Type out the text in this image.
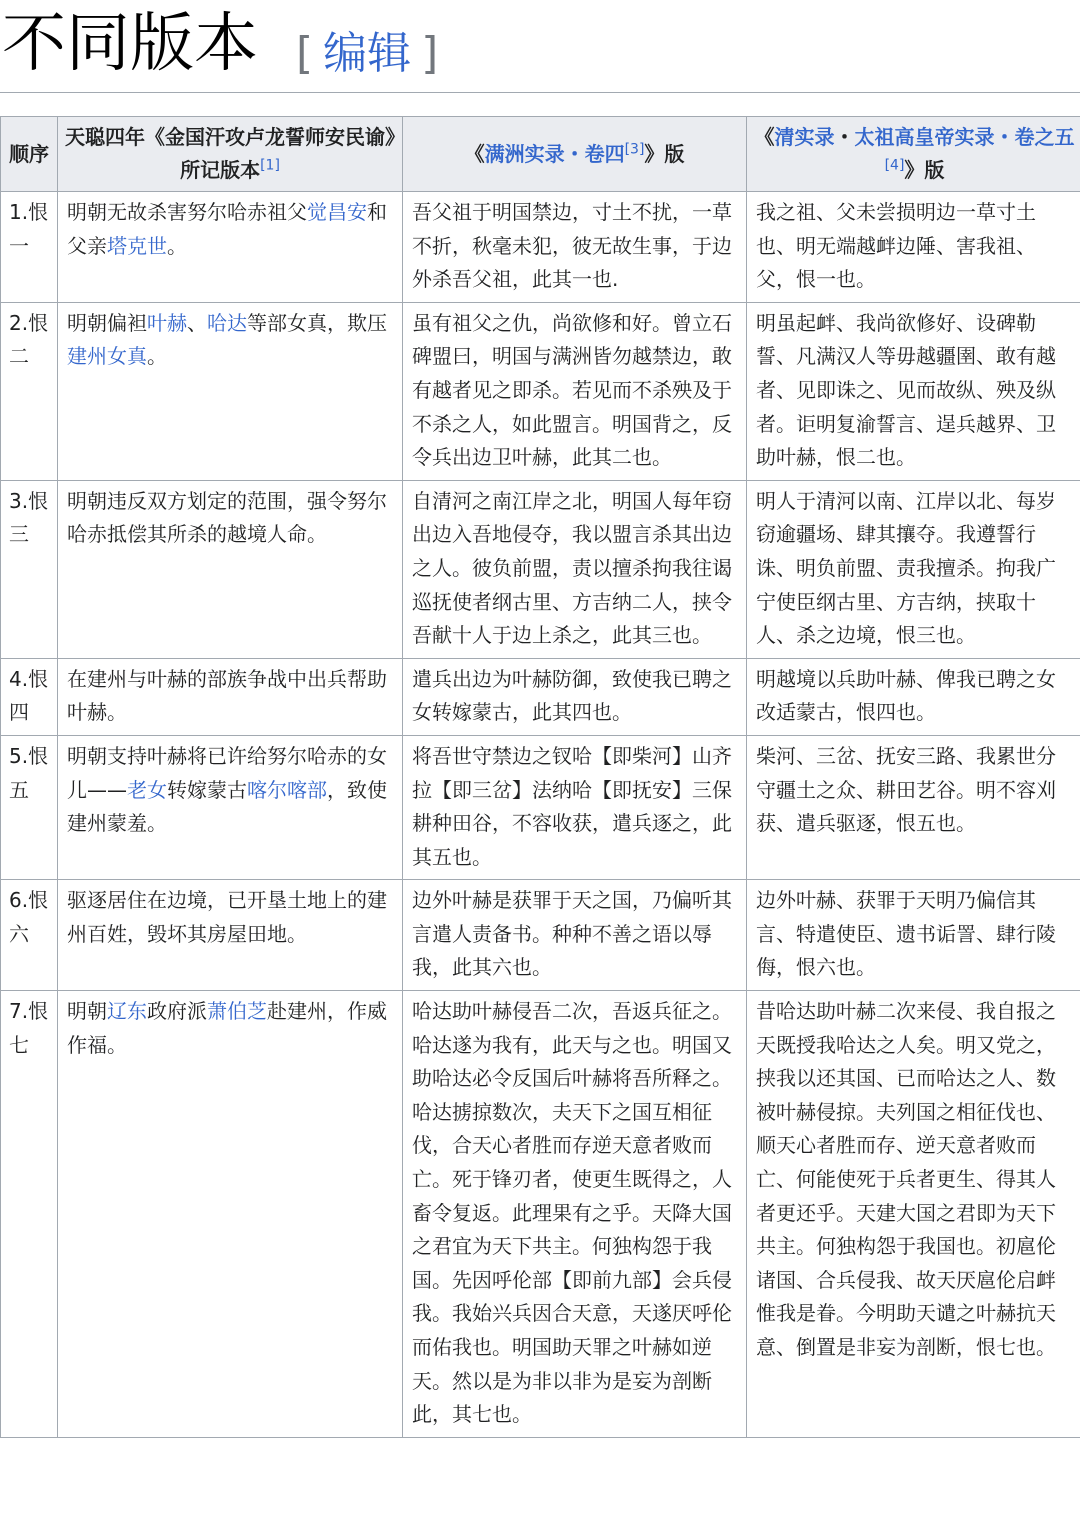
不同版本 [ 编辑 ]
顺序	天聪四年《金国汗攻卢龙誓师安民谕》所记版本[1]	《满洲实录・卷四[3]》版	《清实录・太祖高皇帝实录・卷之五[4]》版
1.恨一	明朝无故杀害努尔哈赤祖父觉昌安和父亲塔克世。	吾父祖于明国禁边，寸土不扰，一草不折，秋毫未犯，彼无故生事，于边外杀吾父祖，此其一也.	我之祖、父未尝损明边一草寸土也、明无端越衅边陲、害我祖、父，恨一也。
2.恨二	明朝偏袒叶赫、哈达等部女真，欺压建州女真。	虽有祖父之仇，尚欲修和好。曾立石碑盟曰，明国与满洲皆勿越禁边，敢有越者见之即杀。若见而不杀殃及于不杀之人，如此盟言。明国背之，反令兵出边卫叶赫，此其二也。	明虽起衅、我尚欲修好、设碑勒誓、凡满汉人等毋越疆圉、敢有越者、见即诛之、见而故纵、殃及纵者。讵明复渝誓言、逞兵越界、卫助叶赫，恨二也。
3.恨三	明朝违反双方划定的范围，强令努尔哈赤抵偿其所杀的越境人命。	自清河之南江岸之北，明国人每年窃出边入吾地侵夺，我以盟言杀其出边之人。彼负前盟，责以擅杀拘我往谒巡抚使者纲古里、方吉纳二人，挟令吾献十人于边上杀之，此其三也。	明人于清河以南、江岸以北、每岁窃逾疆场、肆其攘夺。我遵誓行诛、明负前盟、责我擅杀。拘我广宁使臣纲古里、方吉纳，挟取十人、杀之边境，恨三也。
4.恨四	在建州与叶赫的部族争战中出兵帮助叶赫。	遣兵出边为叶赫防御，致使我已聘之女转嫁蒙古，此其四也。	明越境以兵助叶赫、俾我已聘之女改适蒙古，恨四也。
5.恨五	明朝支持叶赫将已许给努尔哈赤的女儿——老女转嫁蒙古喀尔喀部，致使建州蒙羞。	将吾世守禁边之钗哈【即柴河】山齐拉【即三岔】法纳哈【即抚安】三保耕种田谷，不容收获，遣兵逐之，此其五也。	柴河、三岔、抚安三路、我累世分守疆土之众、耕田艺谷。明不容刈获、遣兵驱逐，恨五也。
6.恨六	驱逐居住在边境，已开垦土地上的建州百姓，毁坏其房屋田地。	边外叶赫是获罪于天之国，乃偏听其言遣人责备书。种种不善之语以辱我，此其六也。	边外叶赫、获罪于天明乃偏信其言、特遣使臣、遗书诟詈、肆行陵侮，恨六也。
7.恨七	明朝辽东政府派萧伯芝赴建州，作威作福。	哈达助叶赫侵吾二次，吾返兵征之。哈达遂为我有，此天与之也。明国又助哈达必令反国后叶赫将吾所释之。哈达掳掠数次，夫天下之国互相征伐，合天心者胜而存逆天意者败而亡。死于锋刃者，使更生既得之，人畜令复返。此理果有之乎。天降大国之君宜为天下共主。何独构怨于我国。先因呼伦部【即前九部】会兵侵我。我始兴兵因合天意，天遂厌呼伦而佑我也。明国助天罪之叶赫如逆天。然以是为非以非为是妄为剖断此，其七也。	昔哈达助叶赫二次来侵、我自报之天既授我哈达之人矣。明又党之，挟我以还其国、已而哈达之人、数被叶赫侵掠。夫列国之相征伐也、顺天心者胜而存、逆天意者败而亡、何能使死于兵者更生、得其人者更还乎。天建大国之君即为天下共主。何独构怨于我国也。初扈伦诸国、合兵侵我、故天厌扈伦启衅惟我是眷。今明助天谴之叶赫抗天意、倒置是非妄为剖断，恨七也。
